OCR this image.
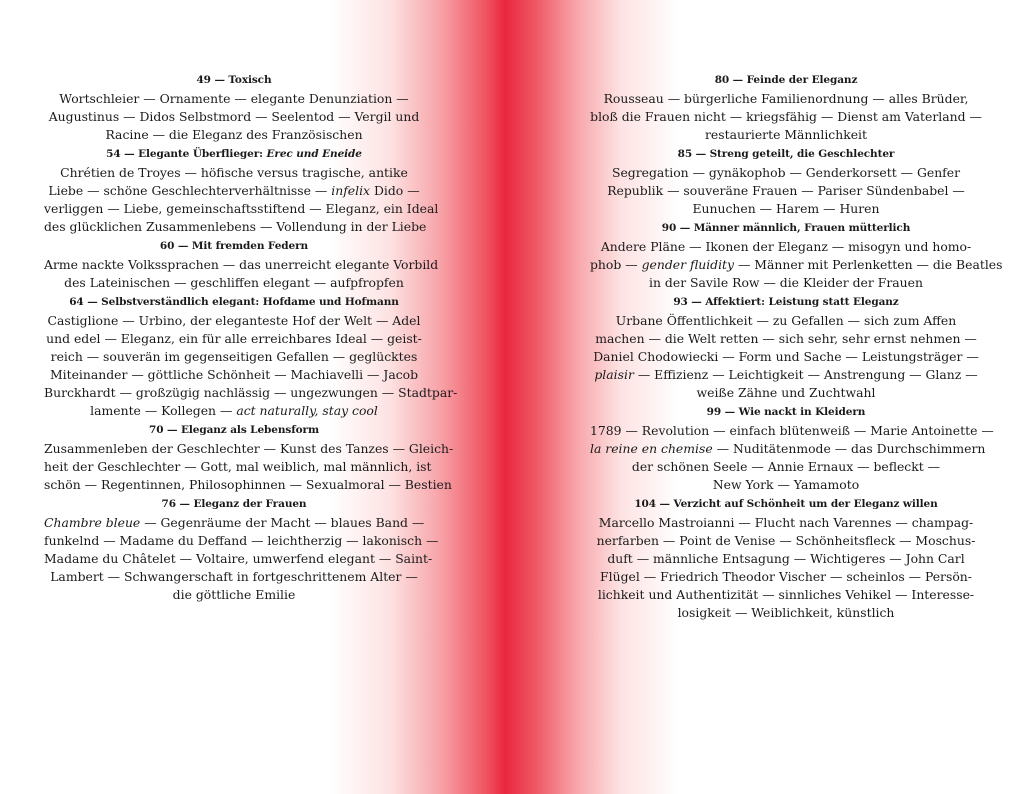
49 — Toxisch
Wortschleier — Ornamente — elegante Denunziation —
Augustinus — Didos Selbstmord — Seelentod — Vergil und
Racine — die Eleganz des Französischen
54 — Elegante Überflieger: Erec und Eneide
Chrétien de Troyes — höfische versus tragische, antike
Liebe — schöne Geschlechterverhältnisse — infelix Dido —
verliggen — Liebe, gemeinschaftsstiftend — Eleganz, ein Ideal
des glücklichen Zusammenlebens — Vollendung in der Liebe
60 — Mit fremden Federn
Arme nackte Volkssprachen — das unerreicht elegante Vorbild
des Lateinischen — geschliffen elegant — aufpfropfen
64 — Selbstverständlich elegant: Hofdame und Hofmann
Castiglione — Urbino, der eleganteste Hof der Welt — Adel
und edel — Eleganz, ein für alle erreichbares Ideal — geist-
reich — souverän im gegenseitigen Gefallen — geglücktes
Miteinander — göttliche Schönheit — Machiavelli — Jacob
Burckhardt — großzügig nachlässig — ungezwungen — Stadtpar-
lamente — Kollegen — act naturally, stay cool
70 — Eleganz als Lebensform
Zusammenleben der Geschlechter — Kunst des Tanzes — Gleich-
heit der Geschlechter — Gott, mal weiblich, mal männlich, ist
schön — Regentinnen, Philosophinnen — Sexualmoral — Bestien
76 — Eleganz der Frauen
Chambre bleue — Gegenräume der Macht — blaues Band —
funkelnd — Madame du Deffand — leichtherzig — lakonisch —
Madame du Châtelet — Voltaire, umwerfend elegant — Saint-
Lambert — Schwangerschaft in fortgeschrittenem Alter —
die göttliche Emilie
80 — Feinde der Eleganz
Rousseau — bürgerliche Familienordnung — alles Brüder,
bloß die Frauen nicht — kriegsfähig — Dienst am Vaterland —
restaurierte Männlichkeit
85 — Streng geteilt, die Geschlechter
Segregation — gynäkophob — Genderkorsett — Genfer
Republik — souveräne Frauen — Pariser Sündenbabel —
Eunuchen — Harem — Huren
90 — Männer männlich, Frauen mütterlich
Andere Pläne — Ikonen der Eleganz — misogyn und homo-
phob — gender fluidity — Männer mit Perlenketten — die Beatles
in der Savile Row — die Kleider der Frauen
93 — Affektiert: Leistung statt Eleganz
Urbane Öffentlichkeit — zu Gefallen — sich zum Affen
machen — die Welt retten — sich sehr, sehr ernst nehmen —
Daniel Chodowiecki — Form und Sache — Leistungsträger —
plaisir — Effizienz — Leichtigkeit — Anstrengung — Glanz —
weiße Zähne und Zuchtwahl
99 — Wie nackt in Kleidern
1789 — Revolution — einfach blütenweiß — Marie Antoinette —
la reine en chemise — Nuditätenmode — das Durchschimmern
der schönen Seele — Annie Ernaux — befleckt —
New York — Yamamoto
104 — Verzicht auf Schönheit um der Eleganz willen
Marcello Mastroianni — Flucht nach Varennes — champag-
nerfarben — Point de Venise — Schönheitsfleck — Moschus-
duft — männliche Entsagung — Wichtigeres — John Carl
Flügel — Friedrich Theodor Vischer — scheinlos — Persön-
lichkeit und Authentizität — sinnliches Vehikel — Interesse-
losigkeit — Weiblichkeit, künstlich
